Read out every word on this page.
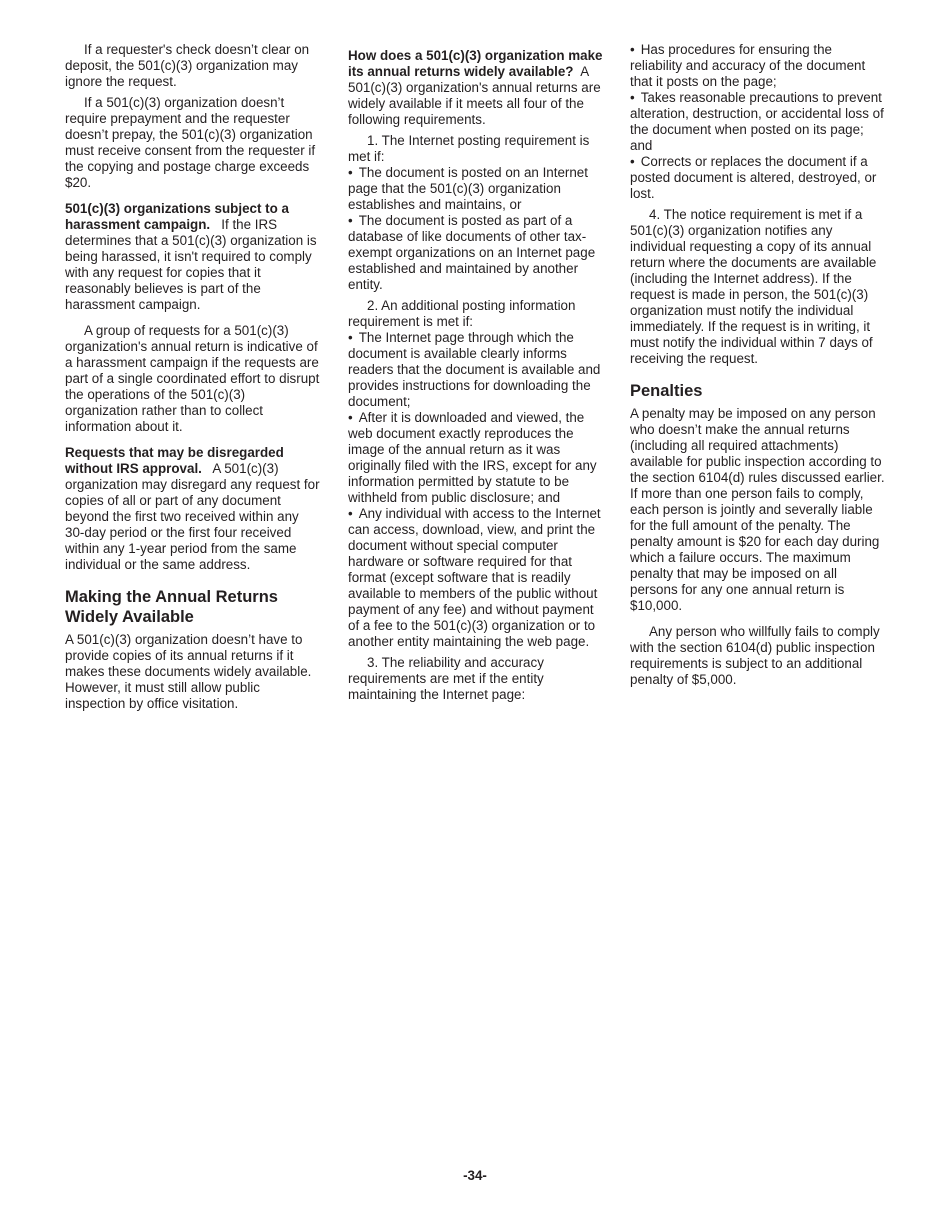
If a requester's check doesn’t clear on deposit, the 501(c)(3) organization may ignore the request.

If a 501(c)(3) organization doesn’t require prepayment and the requester doesn’t prepay, the 501(c)(3) organization must receive consent from the requester if the copying and postage charge exceeds $20.

501(c)(3) organizations subject to a harassment campaign. If the IRS determines that a 501(c)(3) organization is being harassed, it isn't required to comply with any request for copies that it reasonably believes is part of the harassment campaign.

A group of requests for a 501(c)(3) organization's annual return is indicative of a harassment campaign if the requests are part of a single coordinated effort to disrupt the operations of the 501(c)(3) organization rather than to collect information about it.

Requests that may be disregarded without IRS approval. A 501(c)(3) organization may disregard any request for copies of all or part of any document beyond the first two received within any 30-day period or the first four received within any 1-year period from the same individual or the same address.

Making the Annual Returns Widely Available

A 501(c)(3) organization doesn’t have to provide copies of its annual returns if it makes these documents widely available. However, it must still allow public inspection by office visitation.

How does a 501(c)(3) organization make its annual returns widely available? A 501(c)(3) organization's annual returns are widely available if it meets all four of the following requirements.

1. The Internet posting requirement is met if:

• The document is posted on an Internet page that the 501(c)(3) organization establishes and maintains, or

• The document is posted as part of a database of like documents of other tax-exempt organizations on an Internet page established and maintained by another entity.

2. An additional posting information requirement is met if:

• The Internet page through which the document is available clearly informs readers that the document is available and provides instructions for downloading the document;

• After it is downloaded and viewed, the web document exactly reproduces the image of the annual return as it was originally filed with the IRS, except for any information permitted by statute to be withheld from public disclosure; and

• Any individual with access to the Internet can access, download, view, and print the document without special computer hardware or software required for that format (except software that is readily available to members of the public without payment of any fee) and without payment of a fee to the 501(c)(3) organization or to another entity maintaining the web page.

3. The reliability and accuracy requirements are met if the entity maintaining the Internet page:

• Has procedures for ensuring the reliability and accuracy of the document that it posts on the page;

• Takes reasonable precautions to prevent alteration, destruction, or accidental loss of the document when posted on its page; and

• Corrects or replaces the document if a posted document is altered, destroyed, or lost.

4. The notice requirement is met if a 501(c)(3) organization notifies any individual requesting a copy of its annual return where the documents are available (including the Internet address). If the request is made in person, the 501(c)(3) organization must notify the individual immediately. If the request is in writing, it must notify the individual within 7 days of receiving the request.

Penalties

A penalty may be imposed on any person who doesn’t make the annual returns (including all required attachments) available for public inspection according to the section 6104(d) rules discussed earlier. If more than one person fails to comply, each person is jointly and severally liable for the full amount of the penalty. The penalty amount is $20 for each day during which a failure occurs. The maximum penalty that may be imposed on all persons for any one annual return is $10,000.

Any person who willfully fails to comply with the section 6104(d) public inspection requirements is subject to an additional penalty of $5,000.

-34-
